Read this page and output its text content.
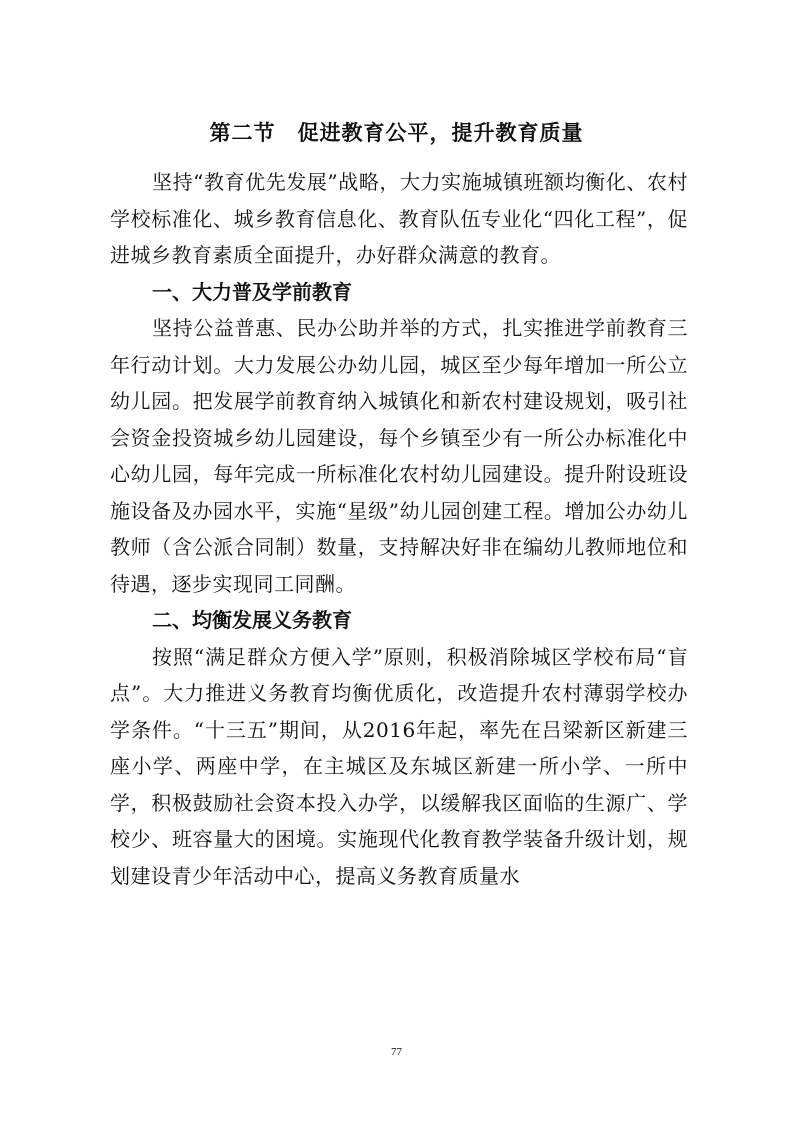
第二节　促进教育公平，提升教育质量

坚持“教育优先发展”战略，大力实施城镇班额均衡化、农村学校标准化、城乡教育信息化、教育队伍专业化“四化工程”，促进城乡教育素质全面提升，办好群众满意的教育。

一、大力普及学前教育

坚持公益普惠、民办公助并举的方式，扎实推进学前教育三年行动计划。大力发展公办幼儿园，城区至少每年增加一所公立幼儿园。把发展学前教育纳入城镇化和新农村建设规划，吸引社会资金投资城乡幼儿园建设，每个乡镇至少有一所公办标准化中心幼儿园，每年完成一所标准化农村幼儿园建设。提升附设班设施设备及办园水平，实施“星级”幼儿园创建工程。增加公办幼儿教师（含公派合同制）数量，支持解决好非在编幼儿教师地位和待遇，逐步实现同工同酬。

二、均衡发展义务教育

按照“满足群众方便入学”原则，积极消除城区学校布局“盲点”。大力推进义务教育均衡优质化，改造提升农村薄弱学校办学条件。“十三五”期间，从2016年起，率先在吕梁新区新建三座小学、两座中学，在主城区及东城区新建一所小学、一所中学，积极鼓励社会资本投入办学，以缓解我区面临的生源广、学校少、班容量大的困境。实施现代化教育教学装备升级计划，规划建设青少年活动中心，提高义务教育质量水

77
